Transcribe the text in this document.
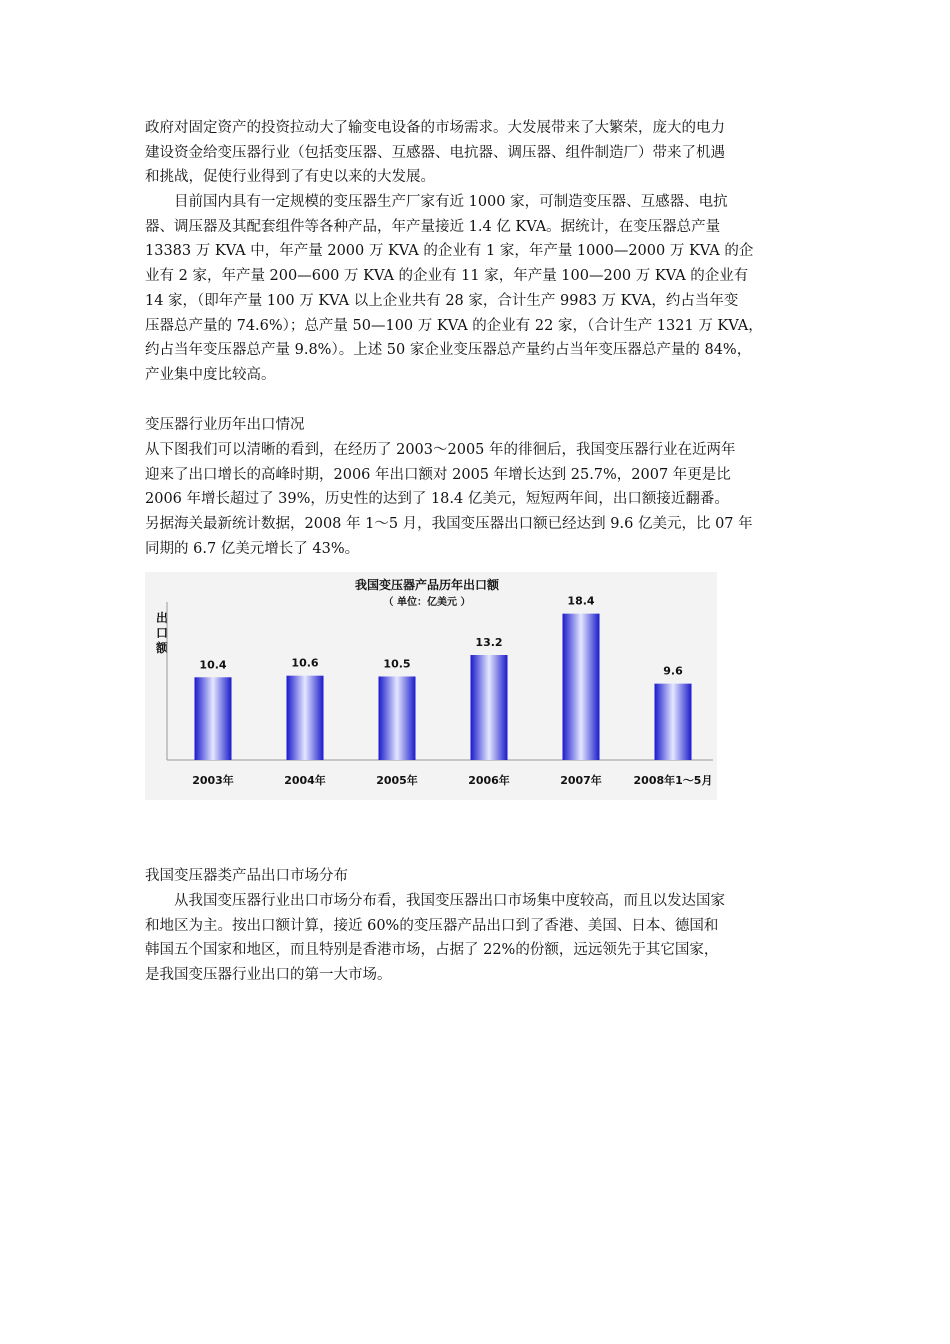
政府对固定资产的投资拉动大了输变电设备的市场需求。大发展带来了大繁荣，庞大的电力
建设资金给变压器行业（包括变压器、互感器、电抗器、调压器、组件制造厂）带来了机遇
和挑战，促使行业得到了有史以来的大发展。
目前国内具有一定规模的变压器生产厂家有近 1000 家，可制造变压器、互感器、电抗
器、调压器及其配套组件等各种产品，年产量接近 1.4 亿 KVA。据统计，在变压器总产量
13383 万 KVA 中，年产量 2000 万 KVA 的企业有 1 家，年产量 1000—2000 万 KVA 的企
业有 2 家，年产量 200—600 万 KVA 的企业有 11 家，年产量 100—200 万 KVA 的企业有
14 家，（即年产量 100 万 KVA 以上企业共有 28 家，合计生产 9983 万 KVA，约占当年变
压器总产量的 74.6%）；总产量 50—100 万 KVA 的企业有 22 家，（合计生产 1321 万 KVA，
约占当年变压器总产量 9.8%）。上述 50 家企业变压器总产量约占当年变压器总产量的 84%，
产业集中度比较高。
变压器行业历年出口情况
从下图我们可以清晰的看到，在经历了 2003～2005 年的徘徊后，我国变压器行业在近两年
迎来了出口增长的高峰时期，2006 年出口额对 2005 年增长达到 25.7%，2007 年更是比
2006 年增长超过了 39%，历史性的达到了 18.4 亿美元，短短两年间，出口额接近翻番。
另据海关最新统计数据，2008 年 1～5 月，我国变压器出口额已经达到 9.6 亿美元，比 07 年
同期的 6.7 亿美元增长了 43%。
我国变压器产品历年出口额
（ 单位：亿美元 ）
出口额
10.4
2003年
10.6
2004年
10.5
2005年
13.2
2006年
18.4
2007年
9.6
2008年1～5月
我国变压器类产品出口市场分布
从我国变压器行业出口市场分布看，我国变压器出口市场集中度较高，而且以发达国家
和地区为主。按出口额计算，接近 60%的变压器产品出口到了香港、美国、日本、德国和
韩国五个国家和地区，而且特别是香港市场，占据了 22%的份额，远远领先于其它国家，
是我国变压器行业出口的第一大市场。
